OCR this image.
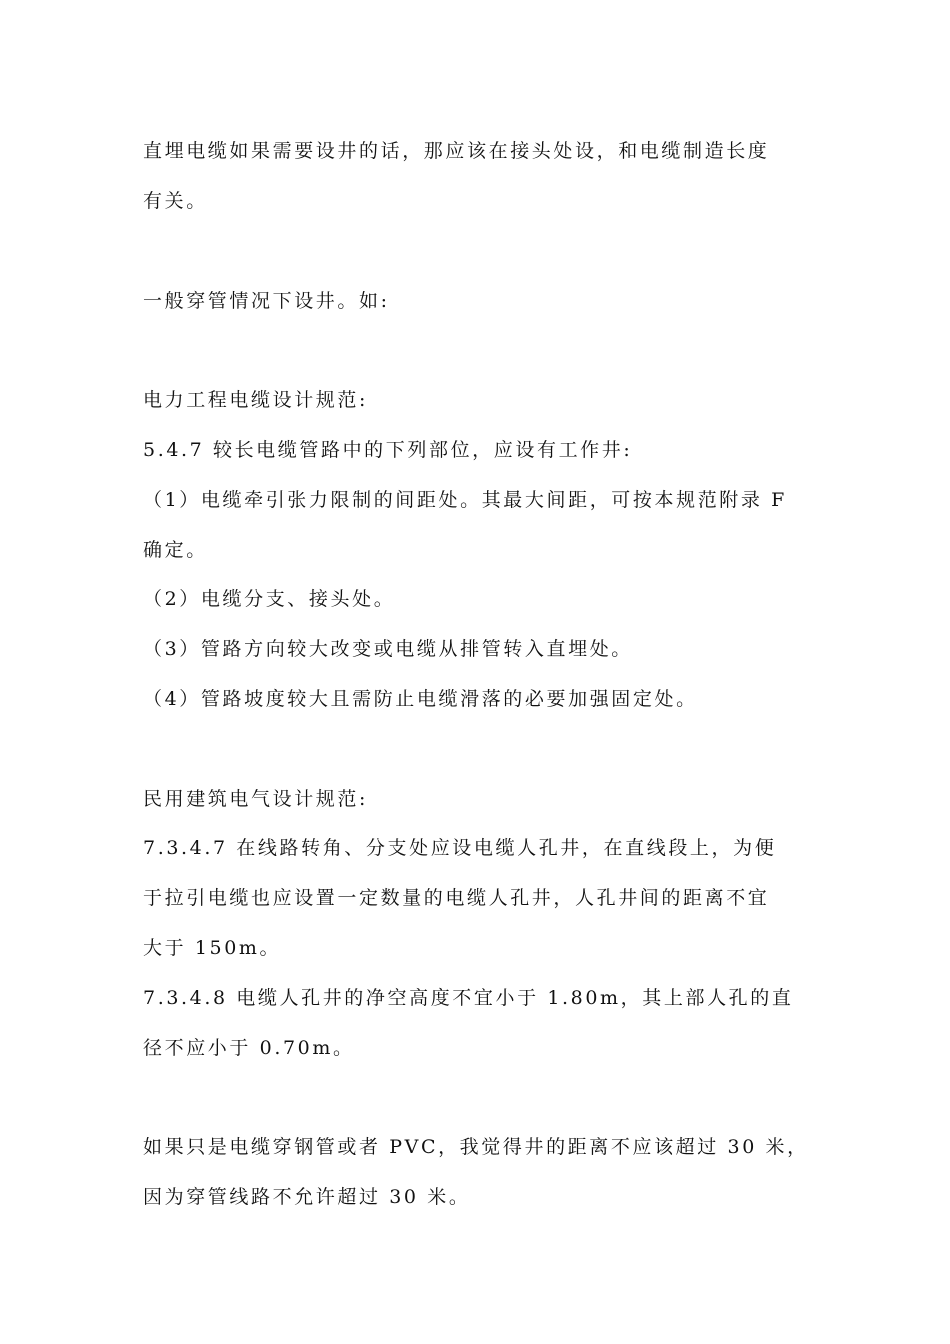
直埋电缆如果需要设井的话，那应该在接头处设，和电缆制造长度
有关。
一般穿管情况下设井。如:
电力工程电缆设计规范:
5.4.7 较长电缆管路中的下列部位，应设有工作井:
（1）电缆牵引张力限制的间距处。其最大间距，可按本规范附录 F
确定。
（2）电缆分支、接头处。
（3）管路方向较大改变或电缆从排管转入直埋处。
（4）管路坡度较大且需防止电缆滑落的必要加强固定处。
民用建筑电气设计规范:
7.3.4.7 在线路转角、分支处应设电缆人孔井，在直线段上，为便
于拉引电缆也应设置一定数量的电缆人孔井，人孔井间的距离不宜
大于 150m。
7.3.4.8 电缆人孔井的净空高度不宜小于 1.80m，其上部人孔的直
径不应小于 0.70m。
如果只是电缆穿钢管或者 PVC，我觉得井的距离不应该超过 30 米，
因为穿管线路不允许超过 30 米。
